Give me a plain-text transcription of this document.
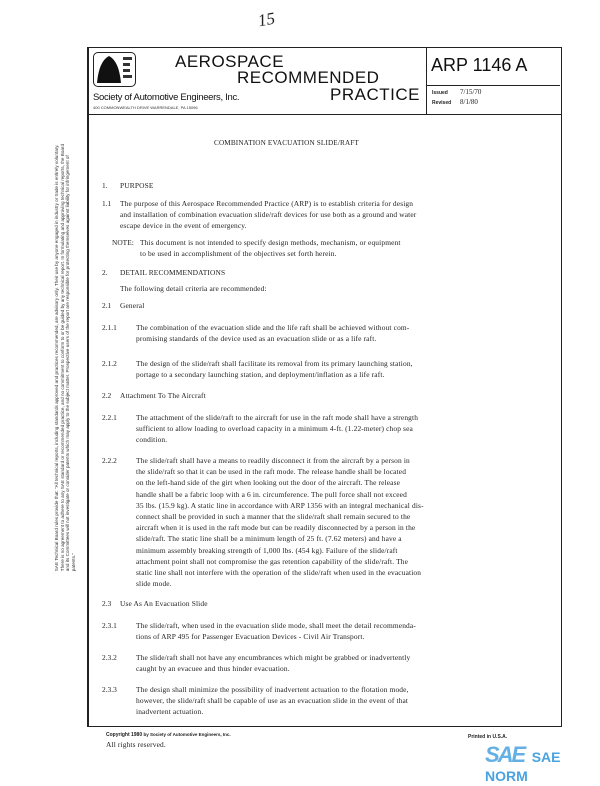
15
SAE Technical Board rules provide that: "All technical reports, including standards approved and practices recommended, are advisory only. Their use by anyone engaged in industry or trade is entirely voluntary. There is no agreement to adhere to any SAE standard or recommended practice, and no commitment to conform to or be guided by any technical report. In formulating and approving technical reports, the Board and its Committees will not investigate or consider patents which may apply to the subject matter. Prospective users of the report are responsible for protecting themselves against liability for infringement of patents."
AEROSPACE
RECOMMENDED
PRACTICE
Society of Automotive Engineers, Inc.
400 COMMONWEALTH DRIVE WARRENDALE, PA 15096
ARP 1146 A
Issued 7/15/70
Revised 8/1/80
COMBINATION EVACUATION SLIDE/RAFT
1. PURPOSE
1.1 The purpose of this Aerospace Recommended Practice (ARP) is to establish criteria for design
and installation of combination evacuation slide/raft devices for use both as a ground and water
escape device in the event of emergency.
NOTE: This document is not intended to specify design methods, mechanism, or equipment
to be used in accomplishment of the objectives set forth herein.
2. DETAIL RECOMMENDATIONS
The following detail criteria are recommended:
2.1 General
2.1.1	The combination of the evacuation slide and the life raft shall be achieved without com-
promising standards of the device used as an evacuation slide or as a life raft.
2.1.2	The design of the slide/raft shall facilitate its removal from its primary launching station,
portage to a secondary launching station, and deployment/inflation as a life raft.
2.2 Attachment To The Aircraft
2.2.1	The attachment of the slide/raft to the aircraft for use in the raft mode shall have a strength
sufficient to allow loading to overload capacity in a minimum 4-ft. (1.22-meter) chop sea
condition.
2.2.2	The slide/raft shall have a means to readily disconnect it from the aircraft by a person in
the slide/raft so that it can be used in the raft mode. The release handle shall be located
on the left-hand side of the girt when looking out the door of the aircraft. The release
handle shall be a fabric loop with a 6 in. circumference. The pull force shall not exceed
35 lbs. (15.9 kg). A static line in accordance with ARP 1356 with an integral mechanical dis-
connect shall be provided in such a manner that the slide/raft shall remain secured to the
aircraft when it is used in the raft mode but can be readily disconnected by a person in the
slide/raft. The static line shall be a minimum length of 25 ft. (7.62 meters) and have a
minimum assembly breaking strength of 1,000 lbs. (454 kg). Failure of the slide/raft
attachment point shall not compromise the gas retention capability of the slide/raft. The
static line shall not interfere with the operation of the slide/raft when used in the evacuation
slide mode.
2.3 Use As An Evacuation Slide
2.3.1	The slide/raft, when used in the evacuation slide mode, shall meet the detail recommenda-
tions of ARP 495 for Passenger Evacuation Devices - Civil Air Transport.
2.3.2	The slide/raft shall not have any encumbrances which might be grabbed or inadvertently
caught by an evacuee and thus hinder evacuation.
2.3.3	The design shall minimize the possibility of inadvertent actuation to the flotation mode,
however, the slide/raft shall be capable of use as an evacuation slide in the event of that
inadvertent actuation.
Copyright 1980 by Society of Automotive Engineers, Inc.
All rights reserved.
Printed in U.S.A.
SAE SAE NORM
